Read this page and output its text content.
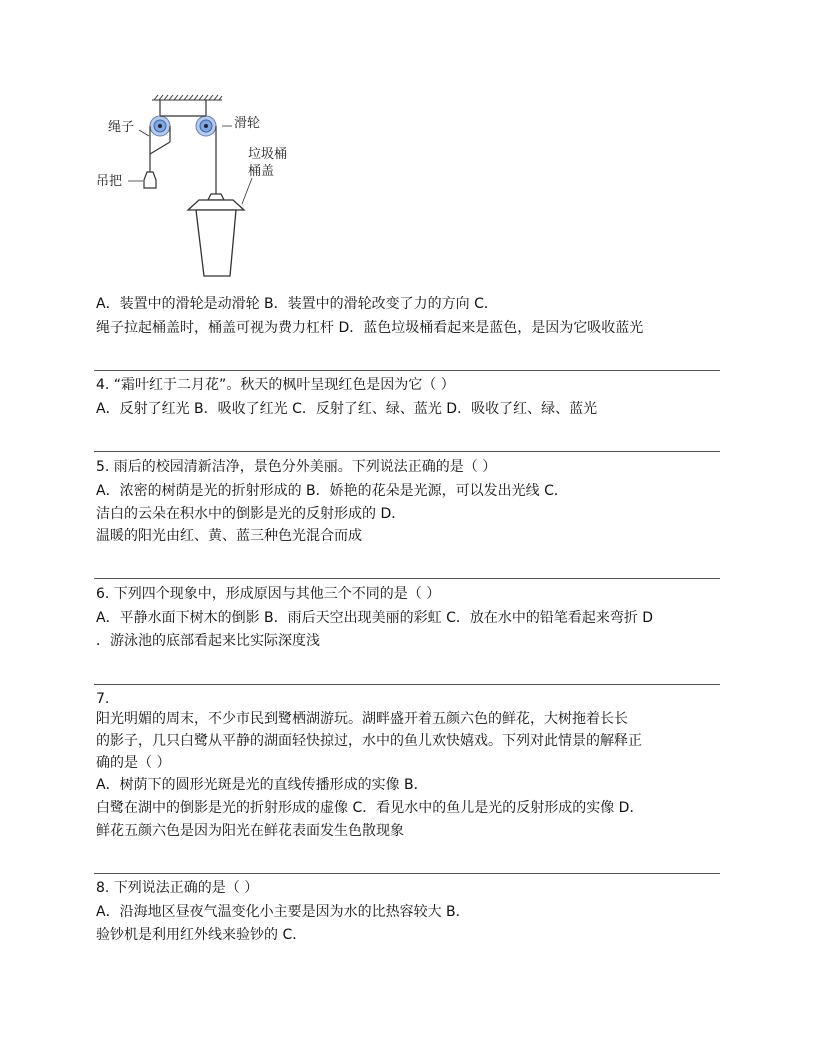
绳子	滑轮
吊把
垃圾桶
桶盖
A．装置中的滑轮是动滑轮 B．装置中的滑轮改变了力的方向 C．
绳子拉起桶盖时，桶盖可视为费力杠杆 D．蓝色垃圾桶看起来是蓝色，是因为它吸收蓝光
4. “霜叶红于二月花”。秋天的枫叶呈现红色是因为它（ ）
A．反射了红光 B．吸收了红光 C．反射了红、绿、蓝光 D．吸收了红、绿、蓝光
5. 雨后的校园清新洁净，景色分外美丽。下列说法正确的是（ ）
A．浓密的树荫是光的折射形成的 B．娇艳的花朵是光源，可以发出光线 C．
洁白的云朵在积水中的倒影是光的反射形成的 D．
温暖的阳光由红、黄、蓝三种色光混合而成
6. 下列四个现象中，形成原因与其他三个不同的是（ ）
A．平静水面下树木的倒影 B．雨后天空出现美丽的彩虹 C．放在水中的铅笔看起来弯折 D
．游泳池的底部看起来比实际深度浅
7.
阳光明媚的周末，不少市民到鹭栖湖游玩。湖畔盛开着五颜六色的鲜花，大树拖着长长
的影子，几只白鹭从平静的湖面轻快掠过，水中的鱼儿欢快嬉戏。下列对此情景的解释正
确的是（ ）
A．树荫下的圆形光斑是光的直线传播形成的实像 B．
白鹭在湖中的倒影是光的折射形成的虚像 C．看见水中的鱼儿是光的反射形成的实像 D．
鲜花五颜六色是因为阳光在鲜花表面发生色散现象
8. 下列说法正确的是（ ）
A．沿海地区昼夜气温变化小主要是因为水的比热容较大 B．
验钞机是利用红外线来验钞的 C．
